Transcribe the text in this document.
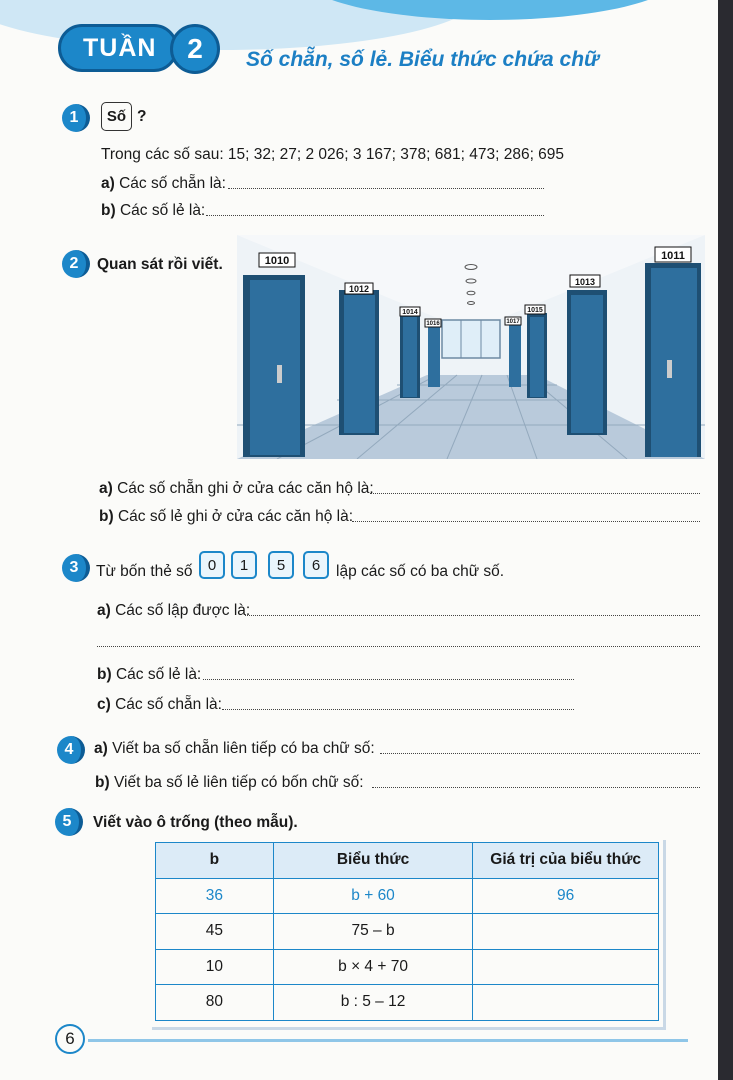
TUẦN	2	Số chẵn, số lẻ. Biểu thức chứa chữ
1	Số ?
Trong các số sau: 15; 32; 27; 2 026; 3 167; 378; 681; 473; 286; 695
a) Các số chẵn là:
b) Các số lẻ là:
2	Quan sát rồi viết.	1010
1012
1014
1016
1011
1013
1015
1017
a) Các số chẵn ghi ở cửa các căn hộ là:
b) Các số lẻ ghi ở cửa các căn hộ là:
3	Từ bốn thẻ số	0	1	5	6	lập các số có ba chữ số.
a) Các số lập được là:
b) Các số lẻ là:
c) Các số chẵn là:
4	a) Viết ba số chẵn liên tiếp có ba chữ số:
b) Viết ba số lẻ liên tiếp có bốn chữ số:
5	Viết vào ô trống (theo mẫu).
b	Biểu thức	Giá trị của biểu thức
36	b + 60	96
45	75 – b	
10	b × 4 + 70	
80	b : 5 – 12	
6
